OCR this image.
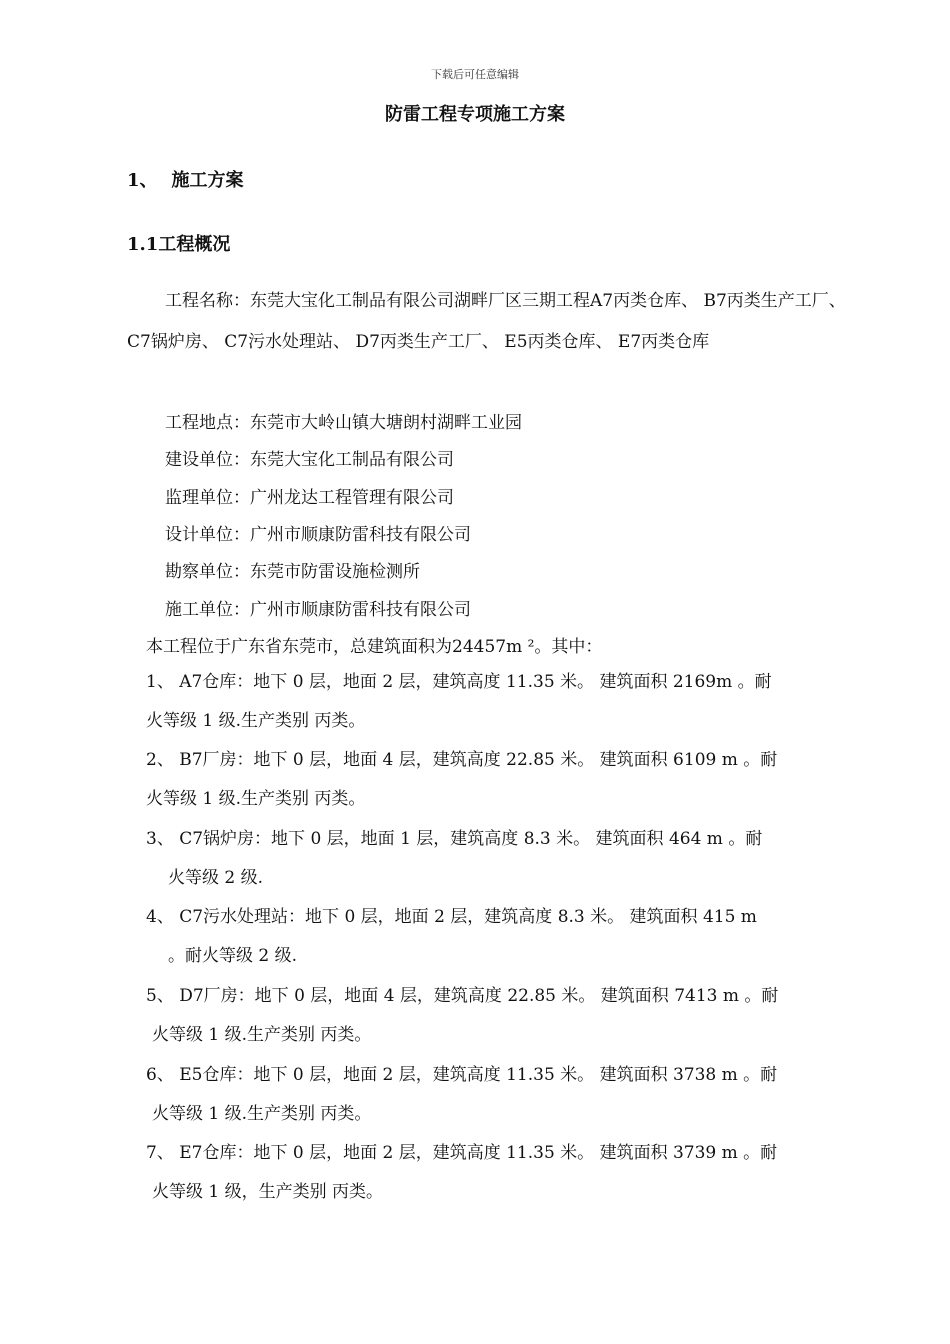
下载后可任意编辑
防雷工程专项施工方案
1、 施工方案
1.1工程概况
工程名称：东莞大宝化工制品有限公司湖畔厂区三期工程A7丙类仓库、 B7丙类生产工厂、 C7锅炉房、 C7污水处理站、 D7丙类生产工厂、 E5丙类仓库、 E7丙类仓库
工程地点：东莞市大岭山镇大塘朗村湖畔工业园
建设单位：东莞大宝化工制品有限公司
监理单位：广州龙达工程管理有限公司
设计单位：广州市顺康防雷科技有限公司
勘察单位：东莞市防雷设施检测所
施工单位：广州市顺康防雷科技有限公司
本工程位于广东省东莞市，总建筑面积为24457m ²。其中：
1、 A7仓库：地下 0 层，地面 2 层，建筑高度 11.35 米。 建筑面积 2169m 。耐
火等级 1 级.生产类别 丙类。
2、 B7厂房：地下 0 层，地面 4 层，建筑高度 22.85 米。 建筑面积 6109 m 。耐
火等级 1 级.生产类别 丙类。
3、 C7锅炉房：地下 0 层，地面 1 层，建筑高度 8.3 米。 建筑面积 464 m 。耐
火等级 2 级.
4、 C7污水处理站：地下 0 层，地面 2 层，建筑高度 8.3 米。 建筑面积 415 m
。耐火等级 2 级.
5、 D7厂房：地下 0 层，地面 4 层，建筑高度 22.85 米。 建筑面积 7413 m 。耐
火等级 1 级.生产类别 丙类。
6、 E5仓库：地下 0 层，地面 2 层，建筑高度 11.35 米。 建筑面积 3738 m 。耐
火等级 1 级.生产类别 丙类。
7、 E7仓库：地下 0 层，地面 2 层，建筑高度 11.35 米。 建筑面积 3739 m 。耐
火等级 1 级，生产类别 丙类。
